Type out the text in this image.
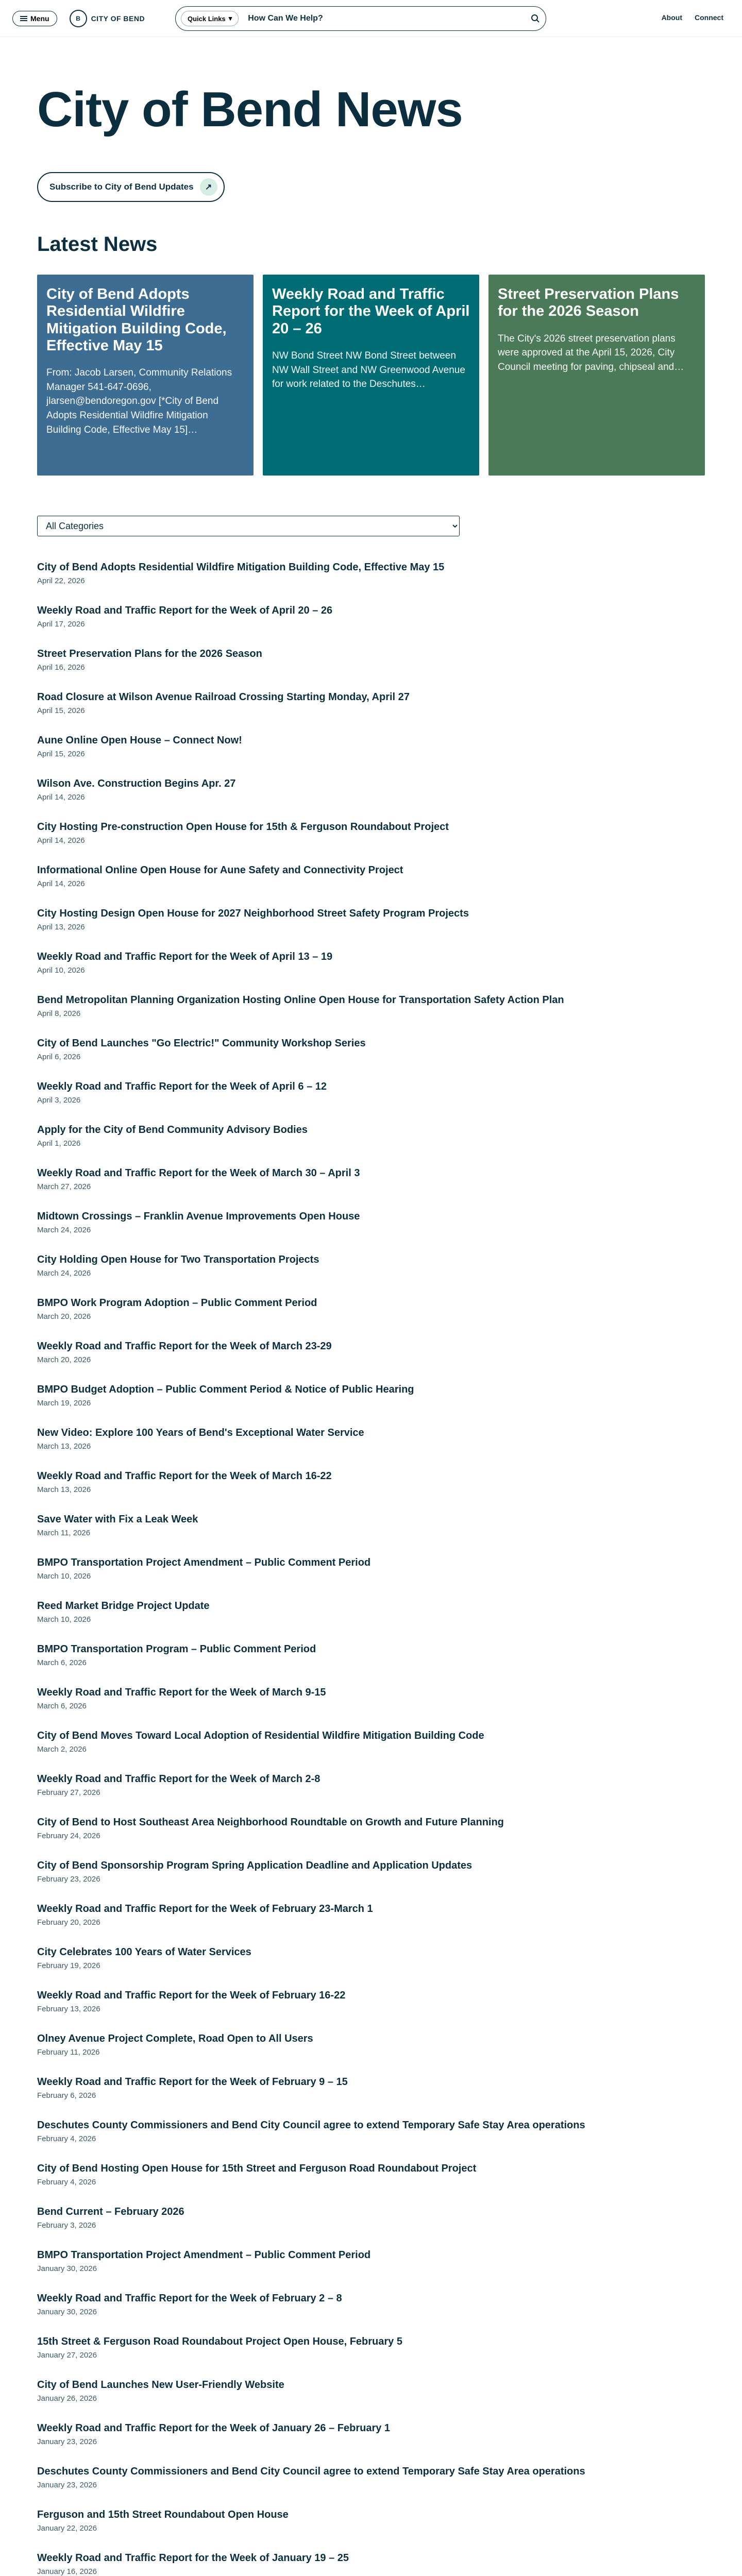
Menu	B	CITY OF BEND	Quick Links ▾
How Can We Help?	About Connect
City of Bend News
Subscribe to City of Bend Updates	↗
Latest News
City of Bend Adopts Residential Wildfire Mitigation Building Code, Effective May 15
From: Jacob Larsen, Community Relations Manager 541-647-0696, jlarsen@bendoregon.gov [*City of Bend Adopts Residential Wildfire Mitigation Building Code, Effective May 15]…
Weekly Road and Traffic Report for the Week of April 20 – 26
NW Bond Street NW Bond Street between NW Wall Street and NW Greenwood Avenue for work related to the Deschutes…
Street Preservation Plans for the 2026 Season
The City's 2026 street preservation plans were approved at the April 15, 2026, City Council meeting for paving, chipseal and…
All Categories
City of Bend Adopts Residential Wildfire Mitigation Building Code, Effective May 15
April 22, 2026
Weekly Road and Traffic Report for the Week of April 20 – 26
April 17, 2026
Street Preservation Plans for the 2026 Season
April 16, 2026
Road Closure at Wilson Avenue Railroad Crossing Starting Monday, April 27
April 15, 2026
Aune Online Open House – Connect Now!
April 15, 2026
Wilson Ave. Construction Begins Apr. 27
April 14, 2026
City Hosting Pre-construction Open House for 15th & Ferguson Roundabout Project
April 14, 2026
Informational Online Open House for Aune Safety and Connectivity Project
April 14, 2026
City Hosting Design Open House for 2027 Neighborhood Street Safety Program Projects
April 13, 2026
Weekly Road and Traffic Report for the Week of April 13 – 19
April 10, 2026
Bend Metropolitan Planning Organization Hosting Online Open House for Transportation Safety Action Plan
April 8, 2026
City of Bend Launches "Go Electric!" Community Workshop Series
April 6, 2026
Weekly Road and Traffic Report for the Week of April 6 – 12
April 3, 2026
Apply for the City of Bend Community Advisory Bodies
April 1, 2026
Weekly Road and Traffic Report for the Week of March 30 – April 3
March 27, 2026
Midtown Crossings – Franklin Avenue Improvements Open House
March 24, 2026
City Holding Open House for Two Transportation Projects
March 24, 2026
BMPO Work Program Adoption – Public Comment Period
March 20, 2026
Weekly Road and Traffic Report for the Week of March 23-29
March 20, 2026
BMPO Budget Adoption – Public Comment Period & Notice of Public Hearing
March 19, 2026
New Video: Explore 100 Years of Bend's Exceptional Water Service
March 13, 2026
Weekly Road and Traffic Report for the Week of March 16-22
March 13, 2026
Save Water with Fix a Leak Week
March 11, 2026
BMPO Transportation Project Amendment – Public Comment Period
March 10, 2026
Reed Market Bridge Project Update
March 10, 2026
BMPO Transportation Program – Public Comment Period
March 6, 2026
Weekly Road and Traffic Report for the Week of March 9-15
March 6, 2026
City of Bend Moves Toward Local Adoption of Residential Wildfire Mitigation Building Code
March 2, 2026
Weekly Road and Traffic Report for the Week of March 2-8
February 27, 2026
City of Bend to Host Southeast Area Neighborhood Roundtable on Growth and Future Planning
February 24, 2026
City of Bend Sponsorship Program Spring Application Deadline and Application Updates
February 23, 2026
Weekly Road and Traffic Report for the Week of February 23-March 1
February 20, 2026
City Celebrates 100 Years of Water Services
February 19, 2026
Weekly Road and Traffic Report for the Week of February 16-22
February 13, 2026
Olney Avenue Project Complete, Road Open to All Users
February 11, 2026
Weekly Road and Traffic Report for the Week of February 9 – 15
February 6, 2026
Deschutes County Commissioners and Bend City Council agree to extend Temporary Safe Stay Area operations
February 4, 2026
City of Bend Hosting Open House for 15th Street and Ferguson Road Roundabout Project
February 4, 2026
Bend Current – February 2026
February 3, 2026
BMPO Transportation Project Amendment – Public Comment Period
January 30, 2026
Weekly Road and Traffic Report for the Week of February 2 – 8
January 30, 2026
15th Street & Ferguson Road Roundabout Project Open House, February 5
January 27, 2026
City of Bend Launches New User-Friendly Website
January 26, 2026
Weekly Road and Traffic Report for the Week of January 26 – February 1
January 23, 2026
Deschutes County Commissioners and Bend City Council agree to extend Temporary Safe Stay Area operations
January 23, 2026
Ferguson and 15th Street Roundabout Open House
January 22, 2026
Weekly Road and Traffic Report for the Week of January 19 – 25
January 16, 2026
